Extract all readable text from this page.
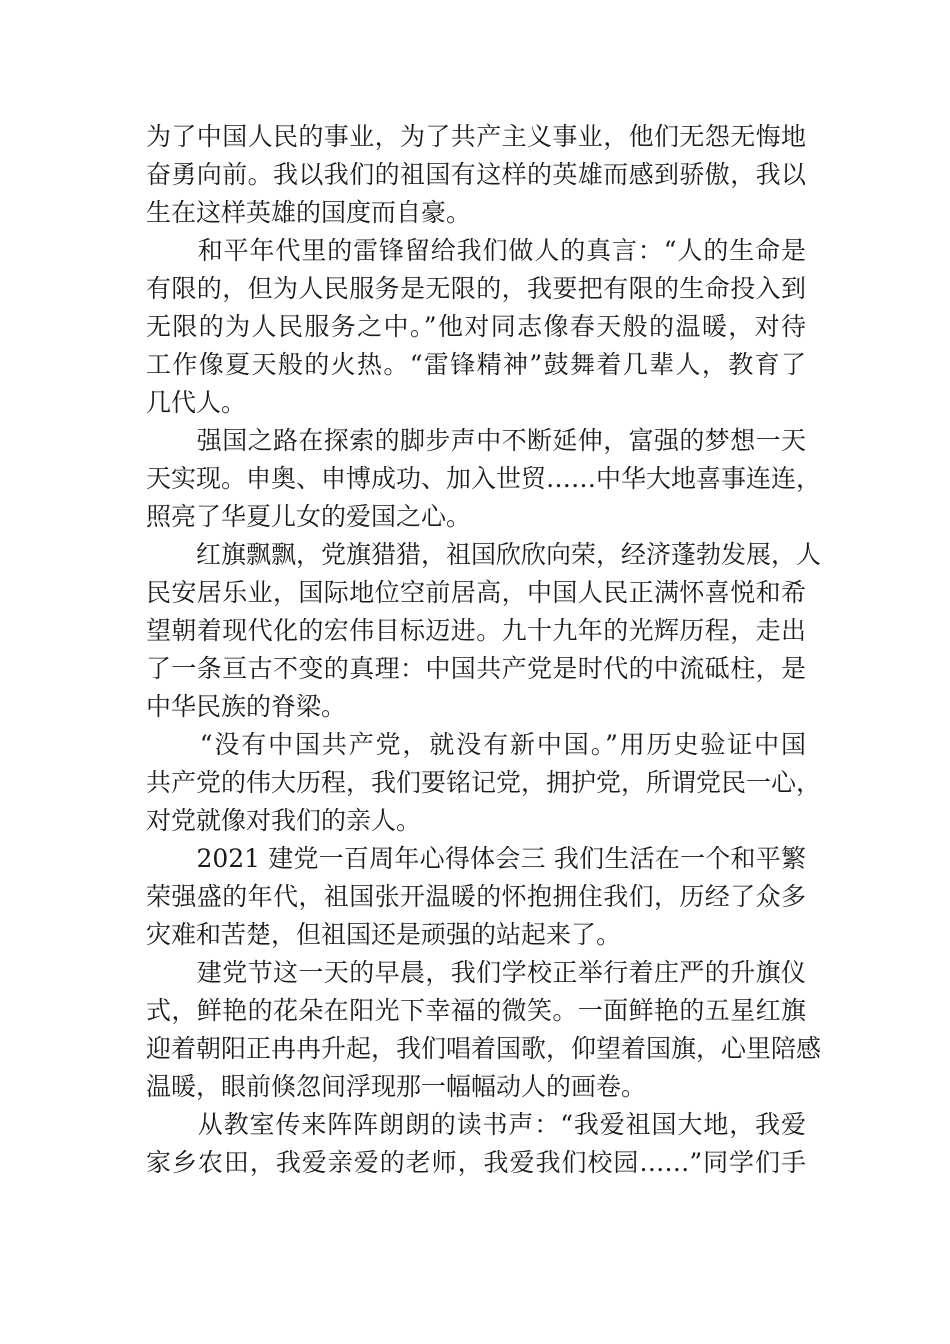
为了中国人民的事业，为了共产主义事业，他们无怨无悔地
奋勇向前。我以我们的祖国有这样的英雄而感到骄傲，我以
生在这样英雄的国度而自豪。
　　和平年代里的雷锋留给我们做人的真言：“人的生命是
有限的，但为人民服务是无限的，我要把有限的生命投入到
无限的为人民服务之中。”他对同志像春天般的温暖，对待
工作像夏天般的火热。“雷锋精神”鼓舞着几辈人，教育了
几代人。
　　强国之路在探索的脚步声中不断延伸，富强的梦想一天
天实现。申奥、申博成功、加入世贸……中华大地喜事连连，
照亮了华夏儿女的爱国之心。
　　红旗飘飘，党旗猎猎，祖国欣欣向荣，经济蓬勃发展，人
民安居乐业，国际地位空前居高，中国人民正满怀喜悦和希
望朝着现代化的宏伟目标迈进。九十九年的光辉历程，走出
了一条亘古不变的真理：中国共产党是时代的中流砥柱，是
中华民族的脊梁。
　　“没有中国共产党，就没有新中国。”用历史验证中国
共产党的伟大历程，我们要铭记党，拥护党，所谓党民一心，
对党就像对我们的亲人。
　　2021 建党一百周年心得体会三 我们生活在一个和平繁
荣强盛的年代，祖国张开温暖的怀抱拥住我们，历经了众多
灾难和苦楚，但祖国还是顽强的站起来了。
　　建党节这一天的早晨，我们学校正举行着庄严的升旗仪
式，鲜艳的花朵在阳光下幸福的微笑。一面鲜艳的五星红旗
迎着朝阳正冉冉升起，我们唱着国歌，仰望着国旗，心里陪感
温暖，眼前倏忽间浮现那一幅幅动人的画卷。
　　从教室传来阵阵朗朗的读书声：“我爱祖国大地，我爱
家乡农田，我爱亲爱的老师，我爱我们校园……”同学们手
